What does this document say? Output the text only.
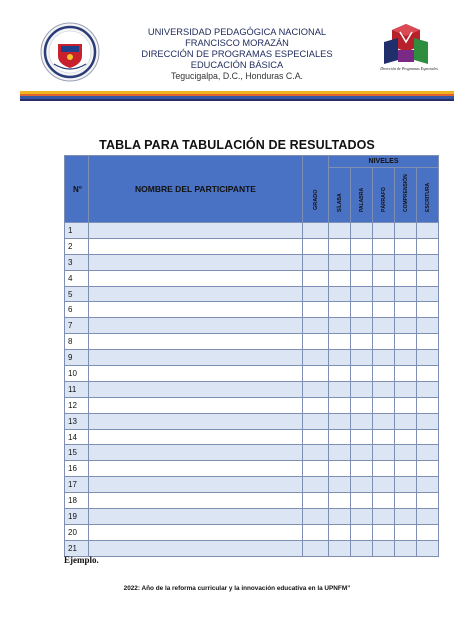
Dirección de Programas Especiales
UNIVERSIDAD PEDAGÓGICA NACIONAL
FRANCISCO MORAZÁN
DIRECCIÓN DE PROGRAMAS ESPECIALES
EDUCACIÓN BÁSICA
Tegucigalpa, D.C., Honduras C.A.
TABLA PARA TABULACIÓN DE RESULTADOS
N°	NOMBRE DEL PARTICIPANTE	GRADO	NIVELES				

			SÍLABA	PALABRA	PÁRRAFO	COMPRENSIÓN	ESCRITURA

1							
2							
3							
4							
5							
6							
7							
8							
9							
10							
11							
12							
13							
14							
15							
16							
17							
18							
19							
20							
21							
Ejemplo.
2022: Año de la reforma curricular y la innovación educativa en la UPNFM”
